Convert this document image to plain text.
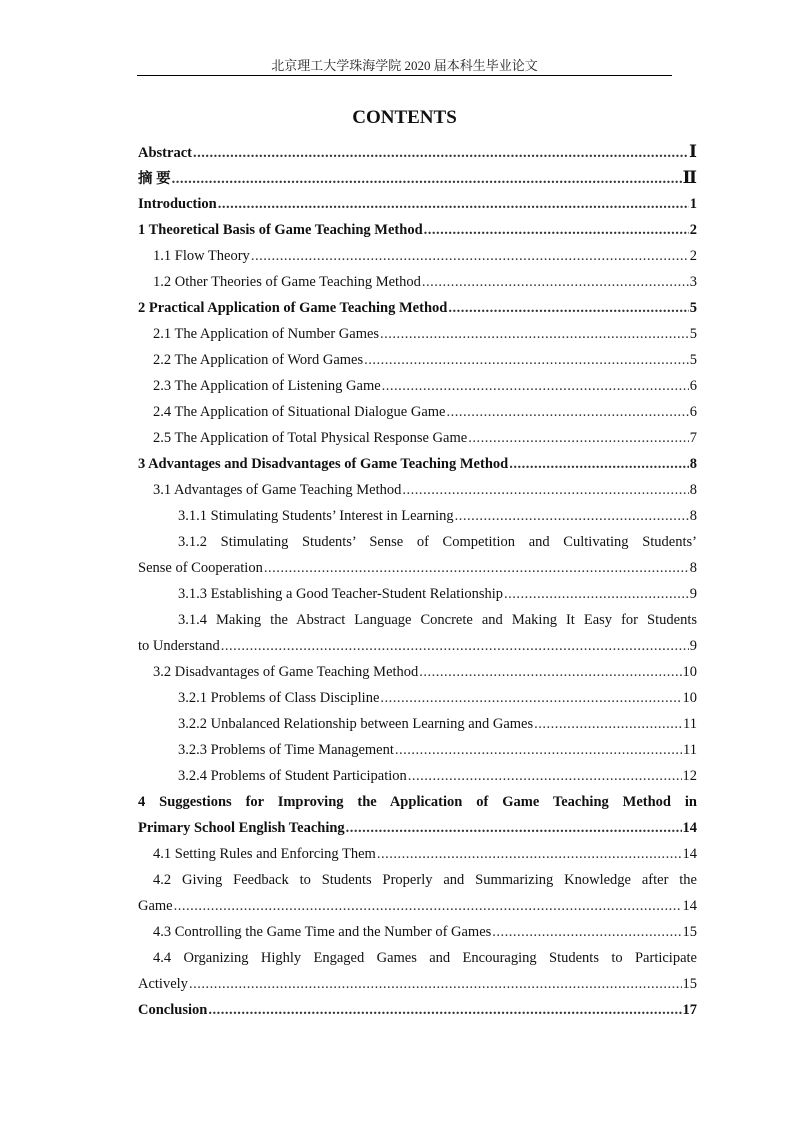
北京理工大学珠海学院 2020 届本科生毕业论文
CONTENTS
Abstract .....	Ⅰ
摘 要 .....	Ⅱ
Introduction .....	1
1 Theoretical Basis of Game Teaching Method .....	2
1.1 Flow Theory .....	2
1.2 Other Theories of Game Teaching Method .....	3
2 Practical Application of Game Teaching Method .....	5
2.1 The Application of Number Games .....	5
2.2 The Application of Word Games .....	5
2.3 The Application of Listening Game .....	6
2.4 The Application of Situational Dialogue Game .....	6
2.5 The Application of Total Physical Response Game .....	7
3 Advantages and Disadvantages of Game Teaching Method .....	8
3.1 Advantages of Game Teaching Method .....	8
3.1.1 Stimulating Students’ Interest in Learning .....	8
3.1.2 Stimulating Students’ Sense of Competition and Cultivating Students’
Sense of Cooperation .....	8
3.1.3 Establishing a Good Teacher-Student Relationship .....	9
3.1.4 Making the Abstract Language Concrete and Making It Easy for Students
to Understand .....	9
3.2 Disadvantages of Game Teaching Method .....	10
3.2.1 Problems of Class Discipline .....	10
3.2.2 Unbalanced Relationship between Learning and Games .....	11
3.2.3 Problems of Time Management .....	11
3.2.4 Problems of Student Participation .....	12
4 Suggestions for Improving the Application of Game Teaching Method in
Primary School English Teaching .....	14
4.1 Setting Rules and Enforcing Them .....	14
4.2 Giving Feedback to Students Properly and Summarizing Knowledge after the
Game .....	14
4.3 Controlling the Game Time and the Number of Games .....	15
4.4 Organizing Highly Engaged Games and Encouraging Students to Participate
Actively .....	15
Conclusion .....	17
